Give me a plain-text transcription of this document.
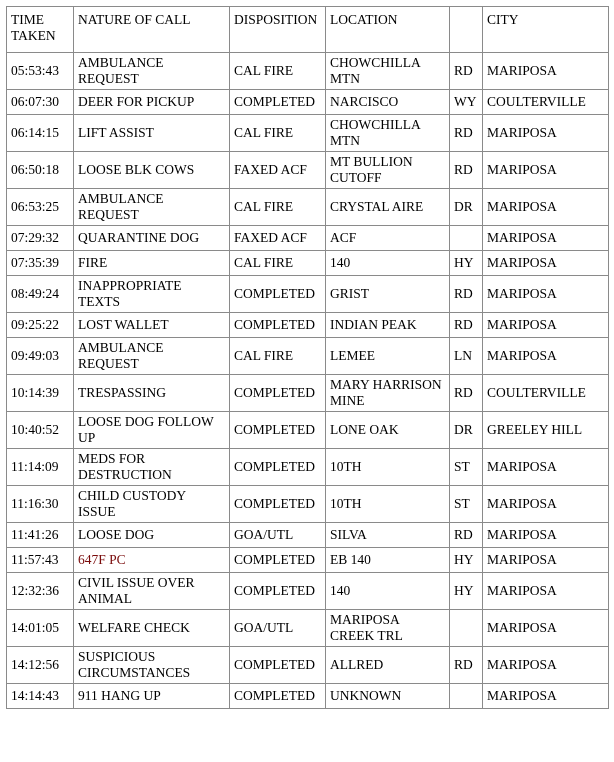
TIME TAKEN	NATURE OF CALL	DISPOSITION	LOCATION		CITY
05:53:43	AMBULANCE REQUEST	CAL FIRE	CHOWCHILLA MTN	RD	MARIPOSA
06:07:30	DEER FOR PICKUP	COMPLETED	NARCISCO	WY	COULTERVILLE
06:14:15	LIFT ASSIST	CAL FIRE	CHOWCHILLA MTN	RD	MARIPOSA
06:50:18	LOOSE BLK COWS	FAXED ACF	MT BULLION CUTOFF	RD	MARIPOSA
06:53:25	AMBULANCE REQUEST	CAL FIRE	CRYSTAL AIRE	DR	MARIPOSA
07:29:32	QUARANTINE DOG	FAXED ACF	ACF		MARIPOSA
07:35:39	FIRE	CAL FIRE	140	HY	MARIPOSA
08:49:24	INAPPROPRIATE TEXTS	COMPLETED	GRIST	RD	MARIPOSA
09:25:22	LOST WALLET	COMPLETED	INDIAN PEAK	RD	MARIPOSA
09:49:03	AMBULANCE REQUEST	CAL FIRE	LEMEE	LN	MARIPOSA
10:14:39	TRESPASSING	COMPLETED	MARY HARRISON MINE	RD	COULTERVILLE
10:40:52	LOOSE DOG FOLLOW UP	COMPLETED	LONE OAK	DR	GREELEY HILL
11:14:09	MEDS FOR DESTRUCTION	COMPLETED	10TH	ST	MARIPOSA
11:16:30	CHILD CUSTODY ISSUE	COMPLETED	10TH	ST	MARIPOSA
11:41:26	LOOSE DOG	GOA/UTL	SILVA	RD	MARIPOSA
11:57:43	647F PC	COMPLETED	EB 140	HY	MARIPOSA
12:32:36	CIVIL ISSUE OVER ANIMAL	COMPLETED	140	HY	MARIPOSA
14:01:05	WELFARE CHECK	GOA/UTL	MARIPOSA CREEK TRL		MARIPOSA
14:12:56	SUSPICIOUS CIRCUMSTANCES	COMPLETED	ALLRED	RD	MARIPOSA
14:14:43	911 HANG UP	COMPLETED	UNKNOWN		MARIPOSA
